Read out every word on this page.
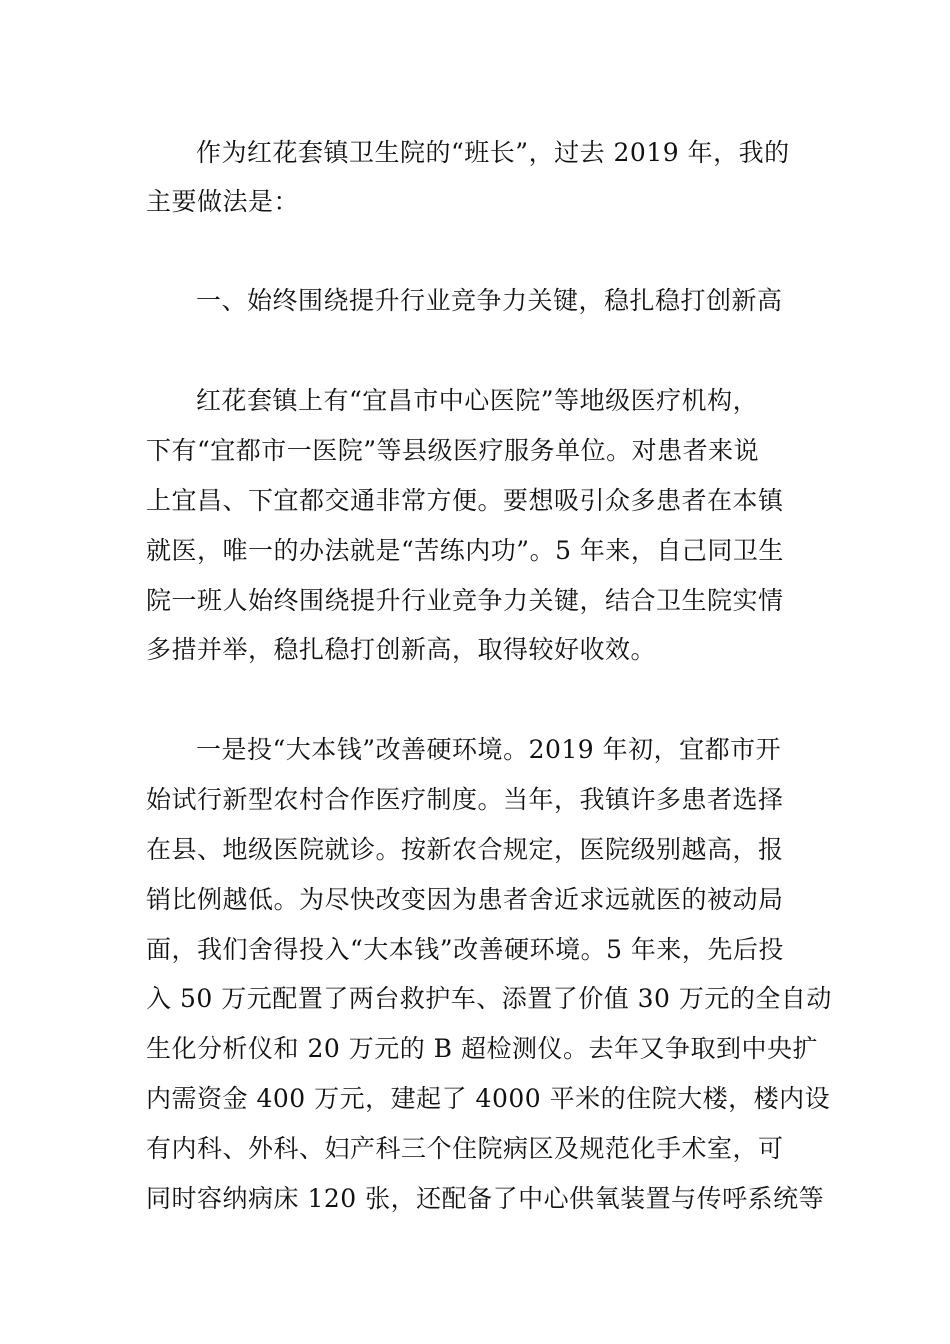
作为红花套镇卫生院的“班长”，过去 2019 年，我的
主要做法是：
一、始终围绕提升行业竞争力关键，稳扎稳打创新高
红花套镇上有“宜昌市中心医院”等地级医疗机构，
下有“宜都市一医院”等县级医疗服务单位。对患者来说
上宜昌、下宜都交通非常方便。要想吸引众多患者在本镇
就医，唯一的办法就是“苦练内功”。5 年来，自己同卫生
院一班人始终围绕提升行业竞争力关键，结合卫生院实情
多措并举，稳扎稳打创新高，取得较好收效。
一是投“大本钱”改善硬环境。2019 年初，宜都市开
始试行新型农村合作医疗制度。当年，我镇许多患者选择
在县、地级医院就诊。按新农合规定，医院级别越高，报
销比例越低。为尽快改变因为患者舍近求远就医的被动局
面，我们舍得投入“大本钱”改善硬环境。5 年来，先后投
入 50 万元配置了两台救护车、添置了价值 30 万元的全自动
生化分析仪和 20 万元的 B 超检测仪。去年又争取到中央扩
内需资金 400 万元，建起了 4000 平米的住院大楼，楼内设
有内科、外科、妇产科三个住院病区及规范化手术室，可
同时容纳病床 120 张，还配备了中心供氧装置与传呼系统等
